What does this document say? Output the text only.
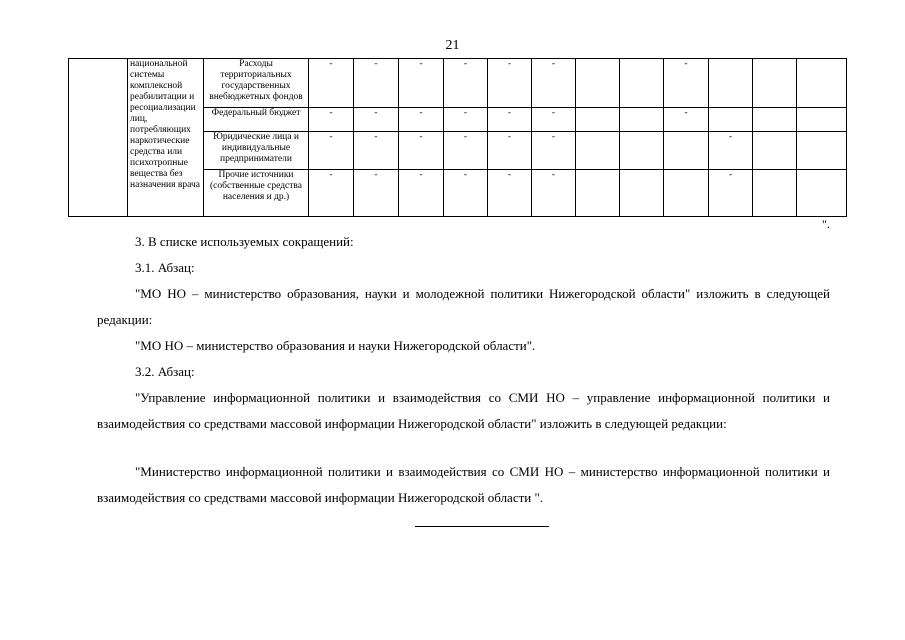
21
	национальной системы комплексной реабилитации и ресоциализации лиц, потребляющих наркотические средства или психотропные вещества без назначения врача	Расходы территориальных государственных внебюджетных фондов	-	-	-	-	-	-			-			
		Федеральный бюджет	-	-	-	-	-	-			-			
		Юридические лица и индивидуальные предприниматели	-	-	-	-	-	-				-		
		Прочие источники (собственные средства населения и др.)	-	-	-	-	-	-				-		
".
3. В списке используемых сокращений:
3.1. Абзац:
"МО НО – министерство образования, науки и молодежной политики Нижегородской области" изложить в следующей редакции:
"МО НО – министерство образования и науки Нижегородской области".
3.2. Абзац:
"Управление информационной политики и взаимодействия со СМИ НО – управление информационной политики и взаимодействия со средствами массовой информации Нижегородской области" изложить в следующей редакции:
"Министерство информационной политики и взаимодействия со СМИ НО – министерство информационной политики и взаимодействия со средствами массовой информации Нижегородской области ".
